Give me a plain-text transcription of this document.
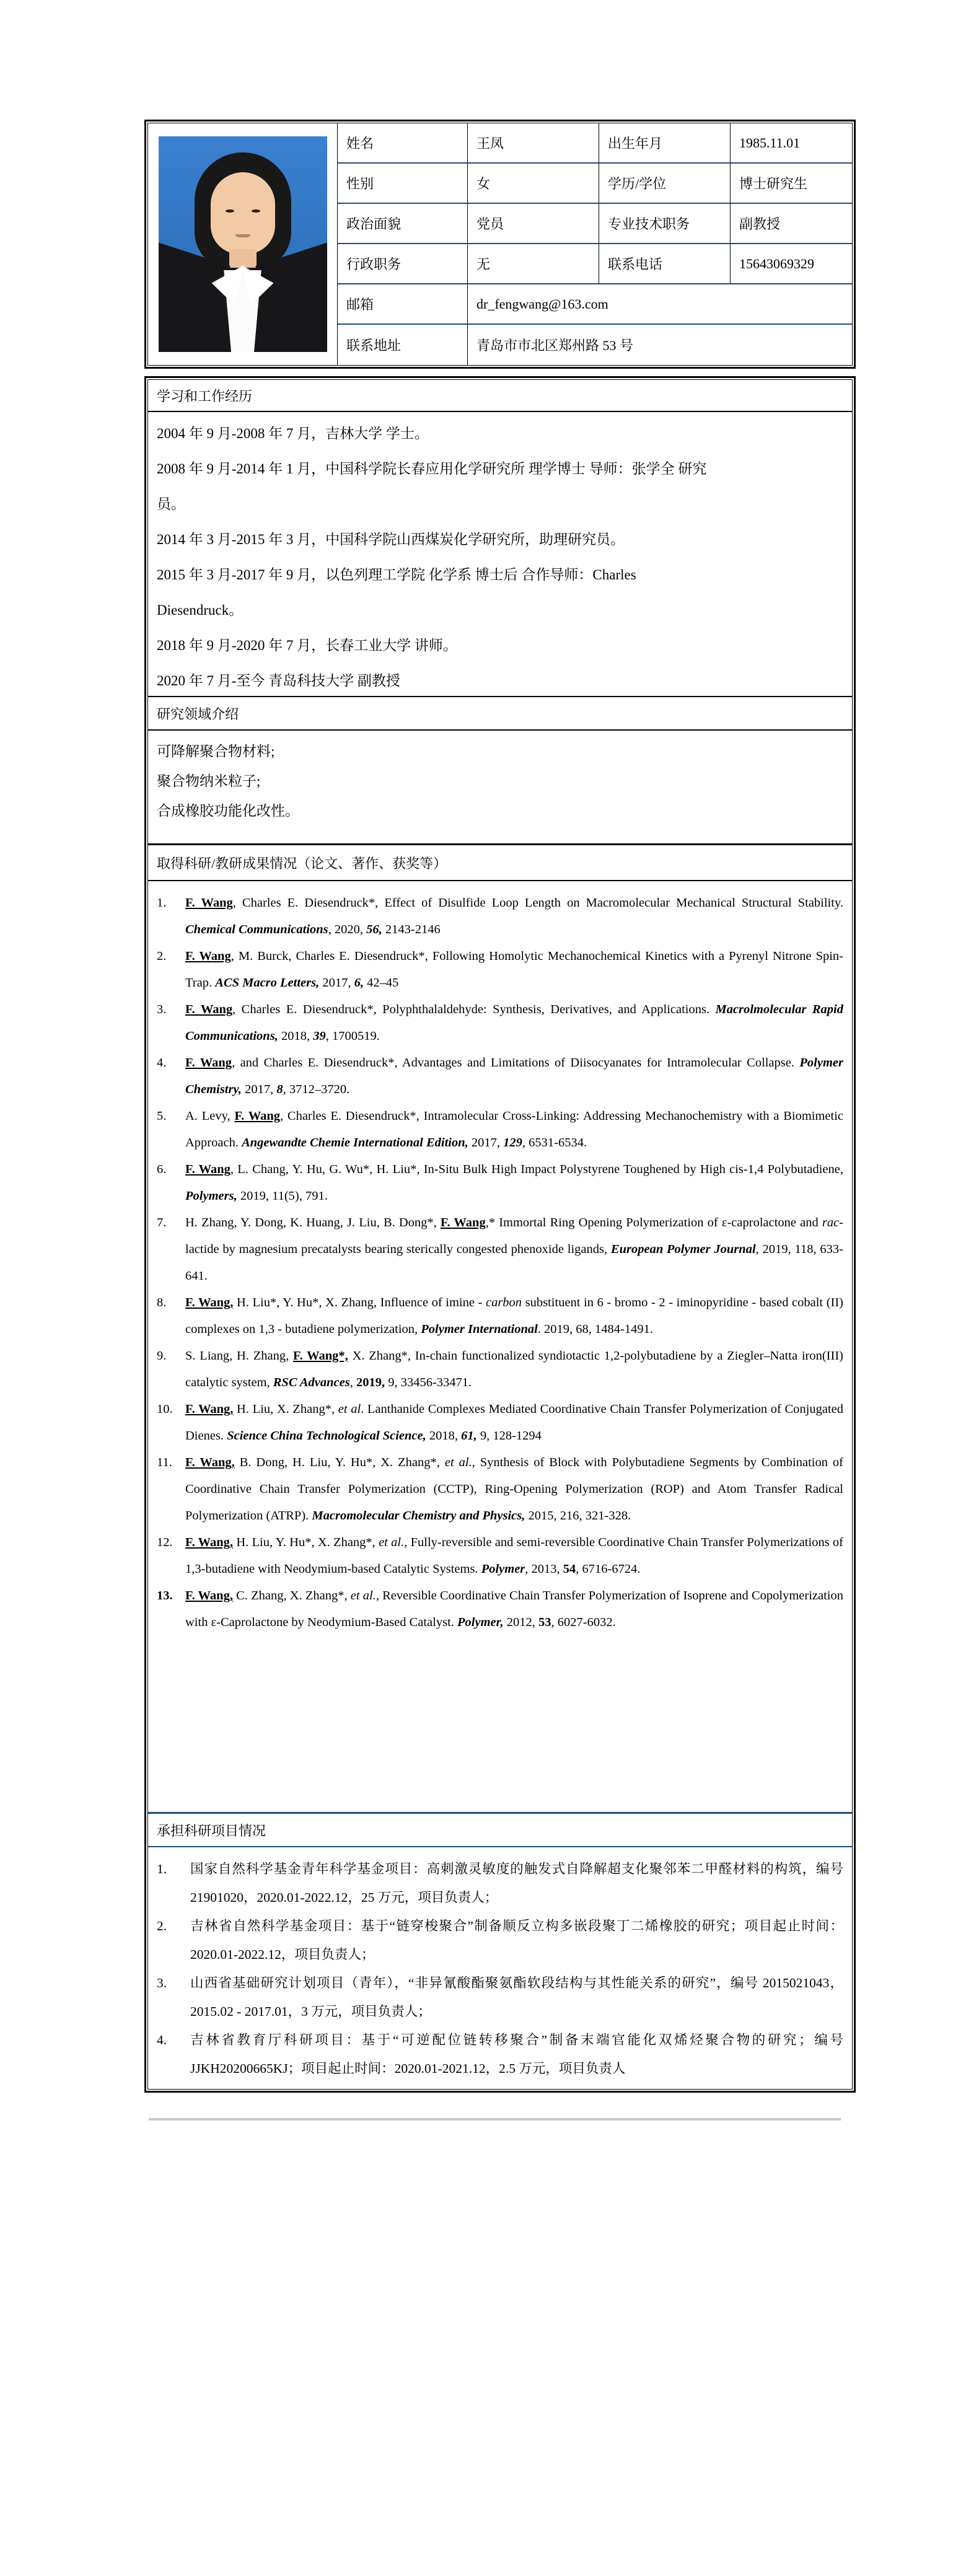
姓名	王凤	出生年月	1985.11.01
性别	女	学历/学位	博士研究生
政治面貌	党员	专业技术职务	副教授
行政职务	无	联系电话	15643069329
邮箱	dr_fengwang@163.com
联系地址	青岛市市北区郑州路 53 号
学习和工作经历
2004 年 9 月-2008 年 7 月，吉林大学 学士。
2008 年 9 月-2014 年 1 月，中国科学院长春应用化学研究所 理学博士 导师：张学全 研究
员。
2014 年 3 月-2015 年 3 月，中国科学院山西煤炭化学研究所，助理研究员。
2015 年 3 月-2017 年 9 月，以色列理工学院 化学系 博士后 合作导师：Charles
Diesendruck。
2018 年 9 月-2020 年 7 月，长春工业大学 讲师。
2020 年 7 月-至今 青岛科技大学 副教授
研究领域介绍
可降解聚合物材料;
聚合物纳米粒子;
合成橡胶功能化改性。
取得科研/教研成果情况（论文、著作、获奖等）
1.	F. Wang, Charles E. Diesendruck*, Effect of Disulfide Loop Length on Macromolecular Mechanical Structural Stability. Chemical Communications, 2020, 56, 2143-2146
2.	F. Wang, M. Burck, Charles E. Diesendruck*, Following Homolytic Mechanochemical Kinetics with a Pyrenyl Nitrone Spin-Trap. ACS Macro Letters, 2017, 6, 42–45
3.	F. Wang, Charles E. Diesendruck*, Polyphthalaldehyde: Synthesis, Derivatives, and Applications. Macrolmolecular Rapid Communications, 2018, 39, 1700519.
4.	F. Wang, and Charles E. Diesendruck*, Advantages and Limitations of Diisocyanates for Intramolecular Collapse. Polymer Chemistry, 2017, 8, 3712–3720.
5.	A. Levy, F. Wang, Charles E. Diesendruck*, Intramolecular Cross-Linking: Addressing Mechanochemistry with a Biomimetic Approach. Angewandte Chemie International Edition, 2017, 129, 6531-6534.
6.	F. Wang, L. Chang, Y. Hu, G. Wu*, H. Liu*, In-Situ Bulk High Impact Polystyrene Toughened by High cis-1,4 Polybutadiene, Polymers, 2019, 11(5), 791.
7.	H. Zhang, Y. Dong, K. Huang, J. Liu, B. Dong*, F. Wang,* Immortal Ring Opening Polymerization of ε-caprolactone and rac-lactide by magnesium precatalysts bearing sterically congested phenoxide ligands, European Polymer Journal, 2019, 118, 633-641.
8.	F. Wang, H. Liu*, Y. Hu*, X. Zhang, Influence of imine - carbon substituent in 6 - bromo - 2 - iminopyridine - based cobalt (II) complexes on 1,3 - butadiene polymerization, Polymer International. 2019, 68, 1484-1491.
9.	S. Liang, H. Zhang, F. Wang*, X. Zhang*, In-chain functionalized syndiotactic 1,2-polybutadiene by a Ziegler–Natta iron(III) catalytic system, RSC Advances, 2019, 9, 33456-33471.
10. F. Wang, H. Liu, X. Zhang*, et al. Lanthanide Complexes Mediated Coordinative Chain Transfer Polymerization of Conjugated Dienes. Science China Technological Science, 2018, 61, 9, 128-1294
11.	F. Wang, B. Dong, H. Liu, Y. Hu*, X. Zhang*, et al., Synthesis of Block with Polybutadiene Segments by Combination of Coordinative Chain Transfer Polymerization (CCTP), Ring-Opening Polymerization (ROP) and Atom Transfer Radical Polymerization (ATRP). Macromolecular Chemistry and Physics, 2015, 216, 321-328.
12. F. Wang, H. Liu, Y. Hu*, X. Zhang*, et al., Fully-reversible and semi-reversible Coordinative Chain Transfer Polymerizations of 1,3-butadiene with Neodymium-based Catalytic Systems. Polymer, 2013, 54, 6716-6724.
13. F. Wang, C. Zhang, X. Zhang*, et al., Reversible Coordinative Chain Transfer Polymerization of Isoprene and Copolymerization with ε-Caprolactone by Neodymium-Based Catalyst. Polymer, 2012, 53, 6027-6032.
承担科研项目情况
1.	国家自然科学基金青年科学基金项目：高刺激灵敏度的触发式自降解超支化聚邻苯二甲醛材料的构筑，编号 21901020，2020.01-2022.12，25 万元，项目负责人；
2.	吉林省自然科学基金项目：基于“链穿梭聚合”制备顺反立构多嵌段聚丁二烯橡胶的研究；项目起止时间：2020.01-2022.12，项目负责人；
3.	山西省基础研究计划项目（青年），“非异氰酸酯聚氨酯软段结构与其性能关系的研究”，编号 2015021043，2015.02 - 2017.01，3 万元，项目负责人；
4.	吉林省教育厅科研项目：基于“可逆配位链转移聚合”制备末端官能化双烯烃聚合物的研究；编号 JJKH20200665KJ；项目起止时间：2020.01-2021.12，2.5 万元，项目负责人
